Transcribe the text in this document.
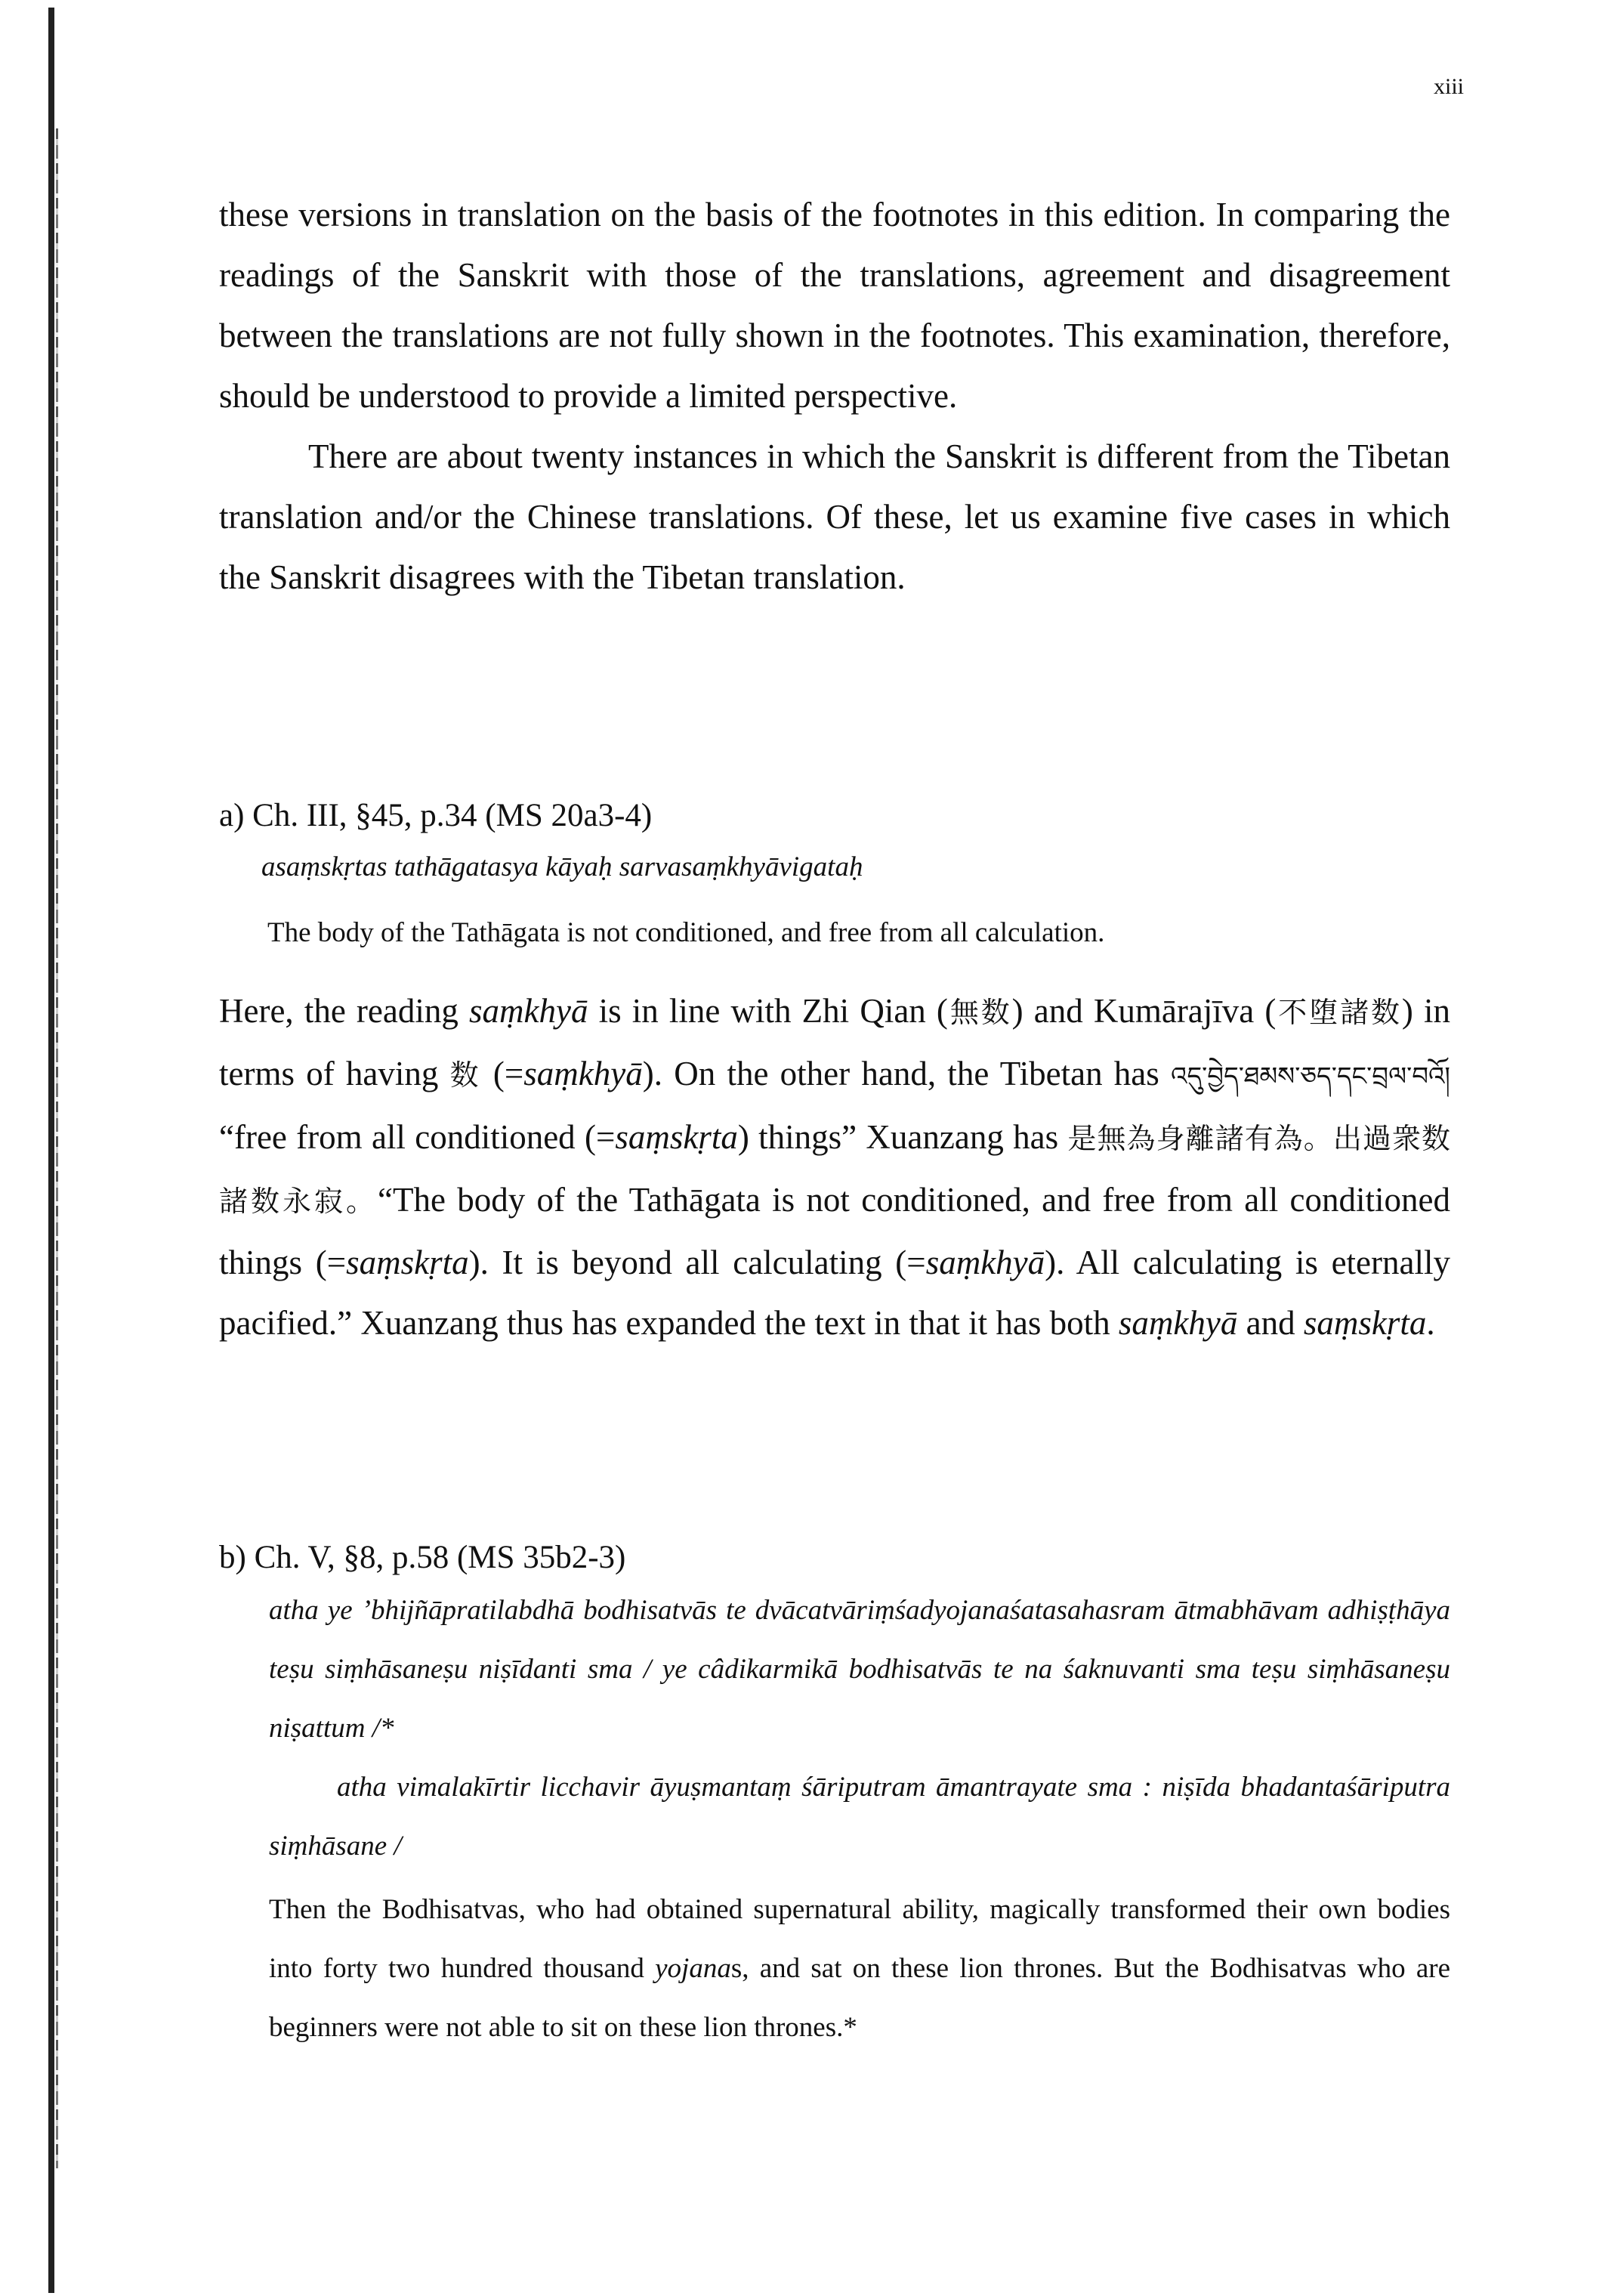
xiii

these versions in translation on the basis of the footnotes in this edition. In comparing the readings of the Sanskrit with those of the translations, agreement and disagreement between the translations are not fully shown in the footnotes. This examination, therefore, should be understood to provide a limited perspective.

There are about twenty instances in which the Sanskrit is different from the Tibetan translation and/or the Chinese translations. Of these, let us examine five cases in which the Sanskrit disagrees with the Tibetan translation.

a) Ch. III, §45, p.34 (MS 20a3-4)
asaṃskṛtas tathāgatasya kāyaḥ sarvasaṃkhyāvigataḥ
The body of the Tathāgata is not conditioned, and free from all calculation.

Here, the reading saṃkhyā is in line with Zhi Qian (無数) and Kumārajīva (不堕諸数) in terms of having 数 (=saṃkhyā). On the other hand, the Tibetan has འདུ་བྱེད་ཐམས་ཅད་དང་བྲལ་བའོ། “free from all conditioned (=saṃskṛta) things” Xuanzang has 是無為身離諸有為。出過衆数諸数永寂。“The body of the Tathāgata is not conditioned, and free from all conditioned things (=saṃskṛta). It is beyond all calculating (=saṃkhyā). All calculating is eternally pacified.” Xuanzang thus has expanded the text in that it has both saṃkhyā and saṃskṛta.

b) Ch. V, §8, p.58 (MS 35b2-3)
atha ye ’bhijñāpratilabdhā bodhisatvās te dvācatvāriṃśadyojanaśatasahasram ātmabhāvam adhiṣṭhāya teṣu siṃhāsaneṣu niṣīdanti sma / ye câdikarmikā bodhisatvās te na śaknuvanti sma teṣu siṃhāsaneṣu niṣattum /*
atha vimalakīrtir licchavir āyuṣmantaṃ śāriputram āmantrayate sma : niṣīda bhadantaśāriputra siṃhāsane /
Then the Bodhisatvas, who had obtained supernatural ability, magically transformed their own bodies into forty two hundred thousand yojanas, and sat on these lion thrones. But the Bodhisatvas who are beginners were not able to sit on these lion thrones.*
